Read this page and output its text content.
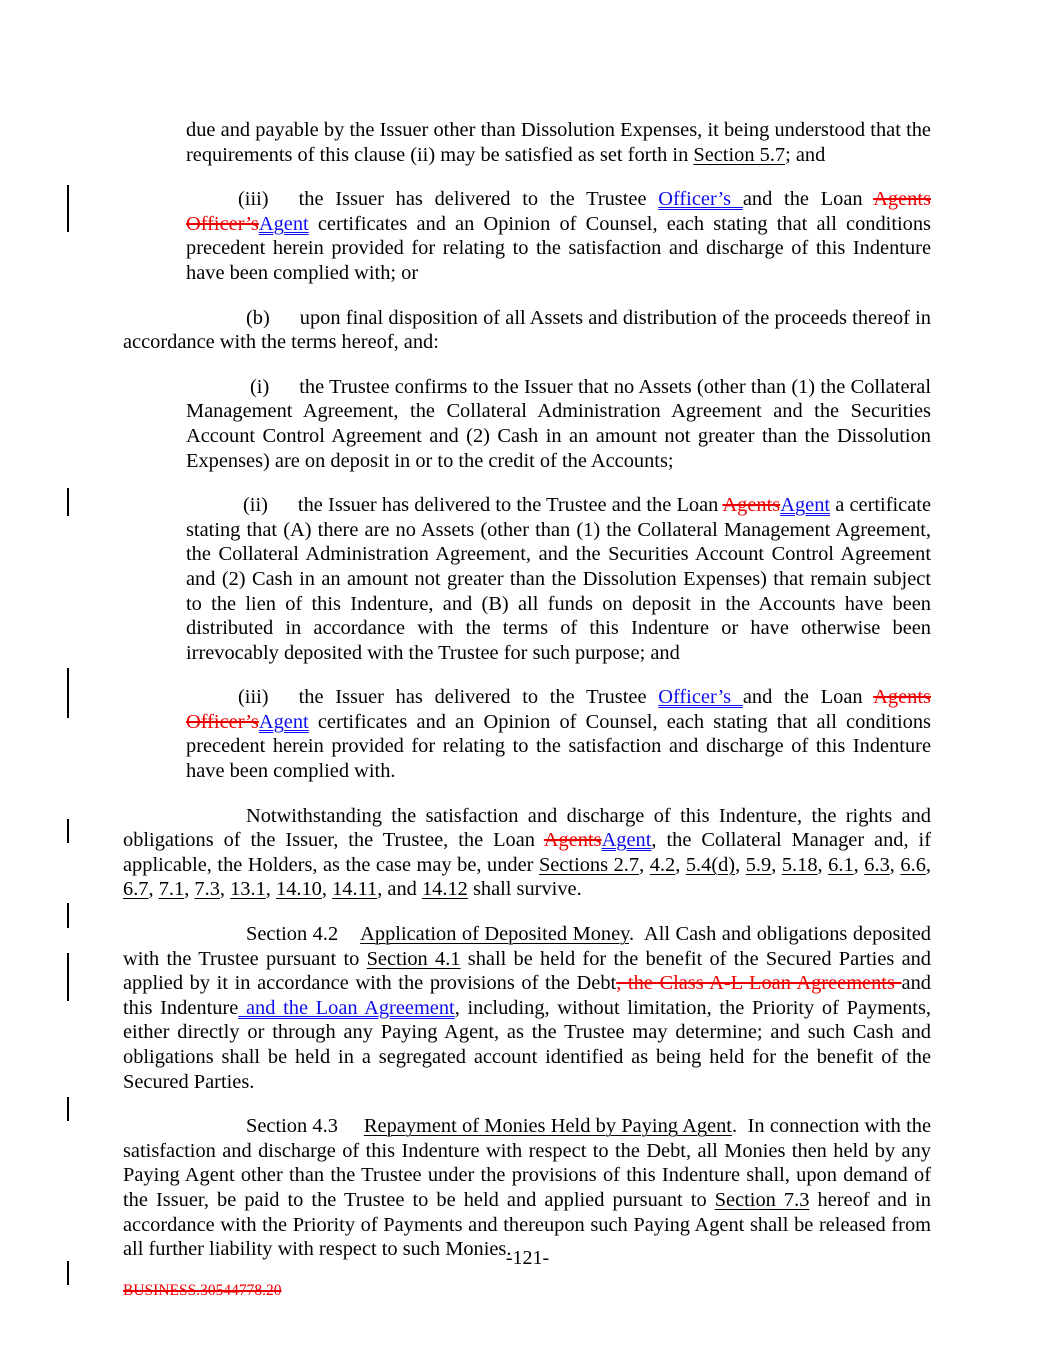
due and payable by the Issuer other than Dissolution Expenses, it being understood that the requirements of this clause (ii) may be satisfied as set forth in Section 5.7; and

(iii) the Issuer has delivered to the Trustee Officer’s and the Loan Agents Officer’sAgent certificates and an Opinion of Counsel, each stating that all conditions precedent herein provided for relating to the satisfaction and discharge of this Indenture have been complied with; or

(b) upon final disposition of all Assets and distribution of the proceeds thereof in accordance with the terms hereof, and:

(i) the Trustee confirms to the Issuer that no Assets (other than (1) the Collateral Management Agreement, the Collateral Administration Agreement and the Securities Account Control Agreement and (2) Cash in an amount not greater than the Dissolution Expenses) are on deposit in or to the credit of the Accounts;

(ii) the Issuer has delivered to the Trustee and the Loan AgentsAgent a certificate stating that (A) there are no Assets (other than (1) the Collateral Management Agreement, the Collateral Administration Agreement, and the Securities Account Control Agreement and (2) Cash in an amount not greater than the Dissolution Expenses) that remain subject to the lien of this Indenture, and (B) all funds on deposit in the Accounts have been distributed in accordance with the terms of this Indenture or have otherwise been irrevocably deposited with the Trustee for such purpose; and

(iii) the Issuer has delivered to the Trustee Officer’s and the Loan Agents Officer’sAgent certificates and an Opinion of Counsel, each stating that all conditions precedent herein provided for relating to the satisfaction and discharge of this Indenture have been complied with.

Notwithstanding the satisfaction and discharge of this Indenture, the rights and obligations of the Issuer, the Trustee, the Loan AgentsAgent, the Collateral Manager and, if applicable, the Holders, as the case may be, under Sections 2.7, 4.2, 5.4(d), 5.9, 5.18, 6.1, 6.3, 6.6, 6.7, 7.1, 7.3, 13.1, 14.10, 14.11, and 14.12 shall survive.

Section 4.2 Application of Deposited Money.  All Cash and obligations deposited with the Trustee pursuant to Section 4.1 shall be held for the benefit of the Secured Parties and applied by it in accordance with the provisions of the Debt, the Class A-L Loan Agreements and this Indenture and the Loan Agreement, including, without limitation, the Priority of Payments, either directly or through any Paying Agent, as the Trustee may determine; and such Cash and obligations shall be held in a segregated account identified as being held for the benefit of the Secured Parties.

Section 4.3 Repayment of Monies Held by Paying Agent.  In connection with the satisfaction and discharge of this Indenture with respect to the Debt, all Monies then held by any Paying Agent other than the Trustee under the provisions of this Indenture shall, upon demand of the Issuer, be paid to the Trustee to be held and applied pursuant to Section 7.3 hereof and in accordance with the Priority of Payments and thereupon such Paying Agent shall be released from all further liability with respect to such Monies.

-121-
BUSINESS.30544778.20
